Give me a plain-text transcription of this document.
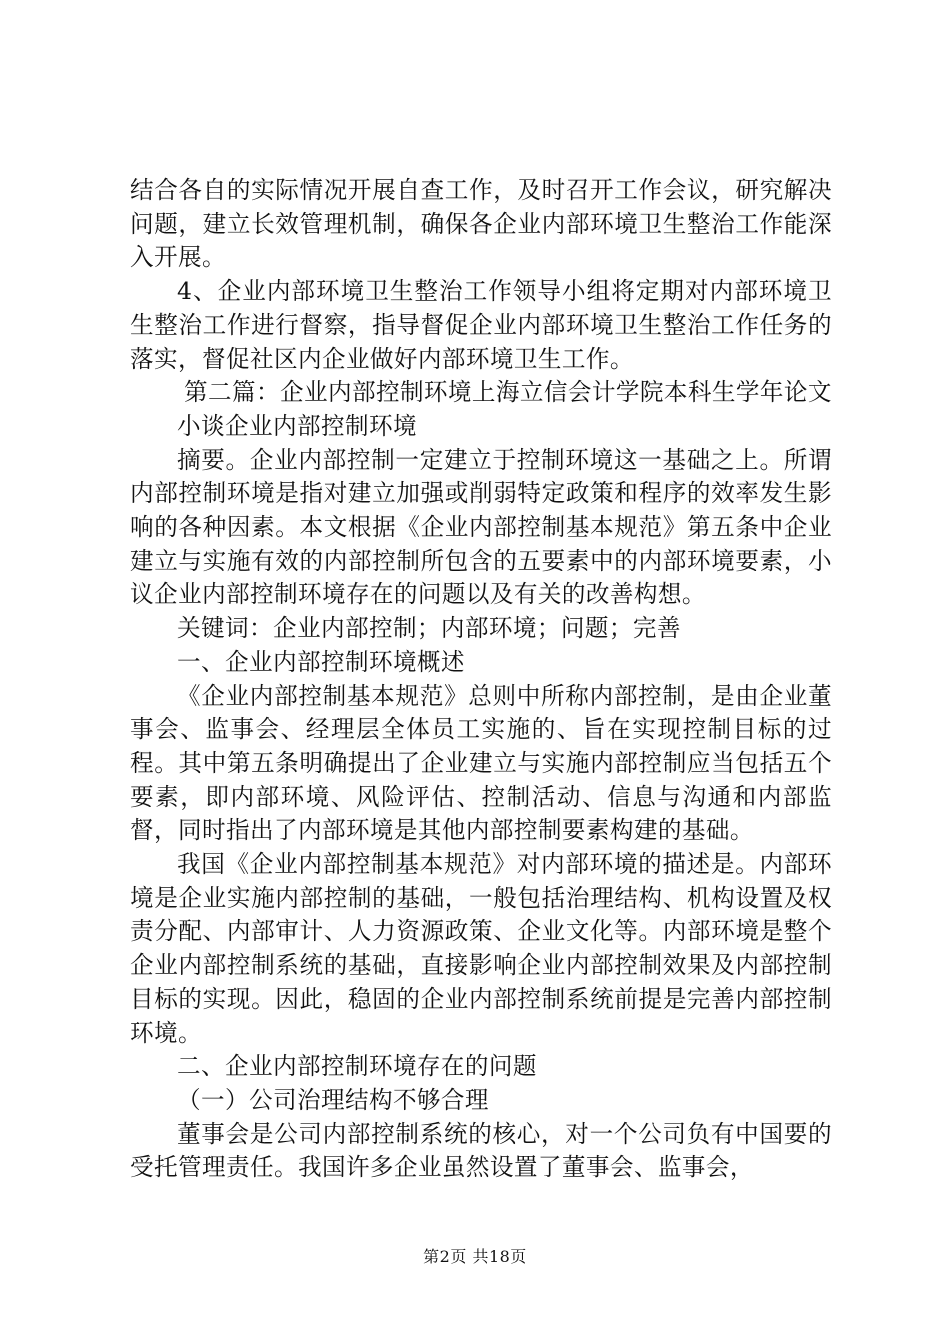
结合各自的实际情况开展自查工作，及时召开工作会议，研究解决问题，建立长效管理机制，确保各企业内部环境卫生整治工作能深入开展。

4、企业内部环境卫生整治工作领导小组将定期对内部环境卫生整治工作进行督察，指导督促企业内部环境卫生整治工作任务的落实，督促社区内企业做好内部环境卫生工作。

第二篇：企业内部控制环境上海立信会计学院本科生学年论文

小谈企业内部控制环境

摘要。企业内部控制一定建立于控制环境这一基础之上。所谓内部控制环境是指对建立加强或削弱特定政策和程序的效率发生影响的各种因素。本文根据《企业内部控制基本规范》第五条中企业建立与实施有效的内部控制所包含的五要素中的内部环境要素，小议企业内部控制环境存在的问题以及有关的改善构想。

关键词：企业内部控制；内部环境；问题；完善

一、企业内部控制环境概述

《企业内部控制基本规范》总则中所称内部控制，是由企业董事会、监事会、经理层全体员工实施的、旨在实现控制目标的过程。其中第五条明确提出了企业建立与实施内部控制应当包括五个要素，即内部环境、风险评估、控制活动、信息与沟通和内部监督，同时指出了内部环境是其他内部控制要素构建的基础。

我国《企业内部控制基本规范》对内部环境的描述是。内部环境是企业实施内部控制的基础，一般包括治理结构、机构设置及权责分配、内部审计、人力资源政策、企业文化等。内部环境是整个企业内部控制系统的基础，直接影响企业内部控制效果及内部控制目标的实现。因此，稳固的企业内部控制系统前提是完善内部控制环境。

二、企业内部控制环境存在的问题

（一）公司治理结构不够合理

董事会是公司内部控制系统的核心，对一个公司负有中国要的受托管理责任。我国许多企业虽然设置了董事会、监事会，

第2页 共18页
